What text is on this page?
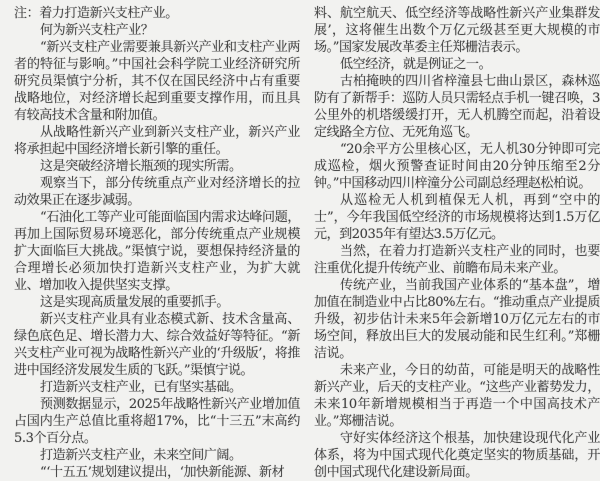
注：着力打造新兴支柱产业。

何为新兴支柱产业？

“新兴支柱产业需要兼具新兴产业和支柱产业两者的特征与影响。”中国社会科学院工业经济研究所研究员渠慎宁分析，其不仅在国民经济中占有重要战略地位，对经济增长起到重要支撑作用，而且具有较高技术含量和附加值。

从战略性新兴产业到新兴支柱产业，新兴产业将承担起中国经济增长新引擎的重任。

这是突破经济增长瓶颈的现实所需。

观察当下，部分传统重点产业对经济增长的拉动效果正在逐步减弱。

“石油化工等产业可能面临国内需求达峰问题，再加上国际贸易环境恶化，部分传统重点产业规模扩大面临巨大挑战。”渠慎宁说，要想保持经济量的合理增长必须加快打造新兴支柱产业，为扩大就业、增加收入提供坚实支撑。

这是实现高质量发展的重要抓手。

新兴支柱产业具有业态模式新、技术含量高、绿色底色足、增长潜力大、综合效益好等特征。“新兴支柱产业可视为战略性新兴产业的‘升级版’，将推进中国经济发展发生质的飞跃。”渠慎宁说。

打造新兴支柱产业，已有坚实基础。

预测数据显示，2025年战略性新兴产业增加值占国内生产总值比重将超17%，比“十三五”末高约5.3个百分点。

打造新兴支柱产业，未来空间广阔。

“‘十五五’规划建议提出，‘加快新能源、新材

料、航空航天、低空经济等战略性新兴产业集群发展’，这将催生出数个万亿元级甚至更大规模的市场。”国家发展改革委主任郑栅洁表示。

低空经济，就是例证之一。

古柏掩映的四川省梓潼县七曲山景区，森林巡防有了新帮手：巡防人员只需轻点手机一键召唤，3公里外的机塔缓缓打开，无人机腾空而起，沿着设定线路全方位、无死角巡飞。

“20余平方公里核心区，无人机30分钟即可完成巡检，烟火预警查证时间由20分钟压缩至2分钟。”中国移动四川梓潼分公司副总经理赵松柏说。

从巡检无人机到植保无人机，再到“空中的士”，今年我国低空经济的市场规模将达到1.5万亿元，到2035年有望达3.5万亿元。

当然，在着力打造新兴支柱产业的同时，也要注重优化提升传统产业、前瞻布局未来产业。

传统产业，当前我国产业体系的“基本盘”，增加值在制造业中占比80%左右。“推动重点产业提质升级，初步估计未来5年会新增10万亿元左右的市场空间，释放出巨大的发展动能和民生红利。”郑栅洁说。

未来产业，今日的幼苗，可能是明天的战略性新兴产业，后天的支柱产业。“这些产业蓄势发力，未来10年新增规模相当于再造一个中国高技术产业。”郑栅洁说。

守好实体经济这个根基，加快建设现代化产业体系，将为中国式现代化奠定坚实的物质基础，开创中国式现代化建设新局面。
